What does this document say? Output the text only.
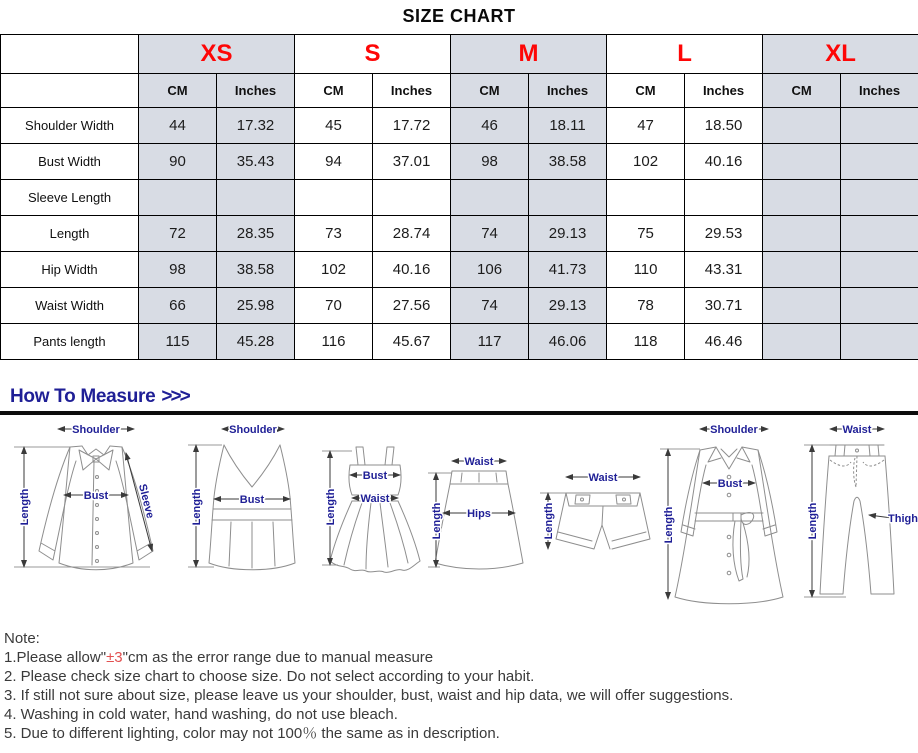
SIZE CHART
	XS		S		M		L		XL	
	CM	Inches	CM	Inches	CM	Inches	CM	Inches	CM	Inches
Shoulder Width	44	17.32	45	17.72	46	18.11	47	18.50		
Bust Width	90	35.43	94	37.01	98	38.58	102	40.16		
Sleeve Length										
Length	72	28.35	73	28.74	74	29.13	75	29.53		
Hip Width	98	38.58	102	40.16	106	41.73	110	43.31		
Waist Width	66	25.98	70	27.56	74	29.13	78	30.71		
Pants length	115	45.28	116	45.67	117	46.06	118	46.46		
How To Measure >>>
Shoulder
Length	Bust	Sleeve
Shoulder
Length	Bust	Length
Bust
Waist
Waist
Length Hips
Waist
Length
Shoulder
Length
Bust
Waist
Length	Thigh
Note:
1.Please allow"±3"cm as the error range due to manual measure
2. Please check size chart to choose size. Do not select according to your habit.
3. If still not sure about size, please leave us your shoulder, bust, waist and hip data, we will offer suggestions.
4. Washing in cold water, hand washing, do not use bleach.
5. Due to different lighting, color may not 100％ the same as in description.
